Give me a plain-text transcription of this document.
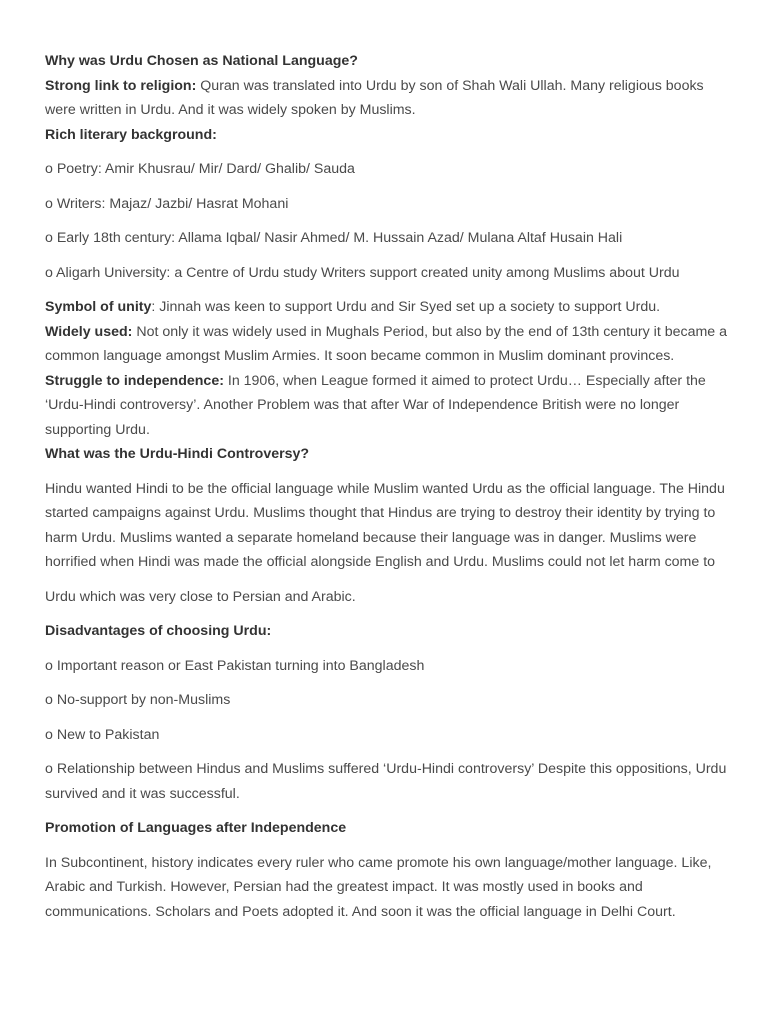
Why was Urdu Chosen as National Language?

Strong link to religion: Quran was translated into Urdu by son of Shah Wali Ullah. Many religious books were written in Urdu. And it was widely spoken by Muslims.

Rich literary background:

o Poetry: Amir Khusrau/ Mir/ Dard/ Ghalib/ Sauda

o Writers: Majaz/ Jazbi/ Hasrat Mohani

o Early 18th century: Allama Iqbal/ Nasir Ahmed/ M. Hussain Azad/ Mulana Altaf Husain Hali

o Aligarh University: a Centre of Urdu study Writers support created unity among Muslims about Urdu

Symbol of unity: Jinnah was keen to support Urdu and Sir Syed set up a society to support Urdu.

Widely used: Not only it was widely used in Mughals Period, but also by the end of 13th century it became a common language amongst Muslim Armies. It soon became common in Muslim dominant provinces.

Struggle to independence: In 1906, when League formed it aimed to protect Urdu… Especially after the ‘Urdu-Hindi controversy’. Another Problem was that after War of Independence British were no longer supporting Urdu.

What was the Urdu-Hindi Controversy?

Hindu wanted Hindi to be the official language while Muslim wanted Urdu as the official language. The Hindu started campaigns against Urdu. Muslims thought that Hindus are trying to destroy their identity by trying to harm Urdu. Muslims wanted a separate homeland because their language was in danger. Muslims were horrified when Hindi was made the official alongside English and Urdu. Muslims could not let harm come to

Urdu which was very close to Persian and Arabic.

Disadvantages of choosing Urdu:

o Important reason or East Pakistan turning into Bangladesh

o No-support by non-Muslims

o New to Pakistan

o Relationship between Hindus and Muslims suffered ‘Urdu-Hindi controversy’ Despite this oppositions, Urdu survived and it was successful.

Promotion of Languages after Independence

In Subcontinent, history indicates every ruler who came promote his own language/mother language. Like, Arabic and Turkish. However, Persian had the greatest impact. It was mostly used in books and communications. Scholars and Poets adopted it. And soon it was the official language in Delhi Court.
